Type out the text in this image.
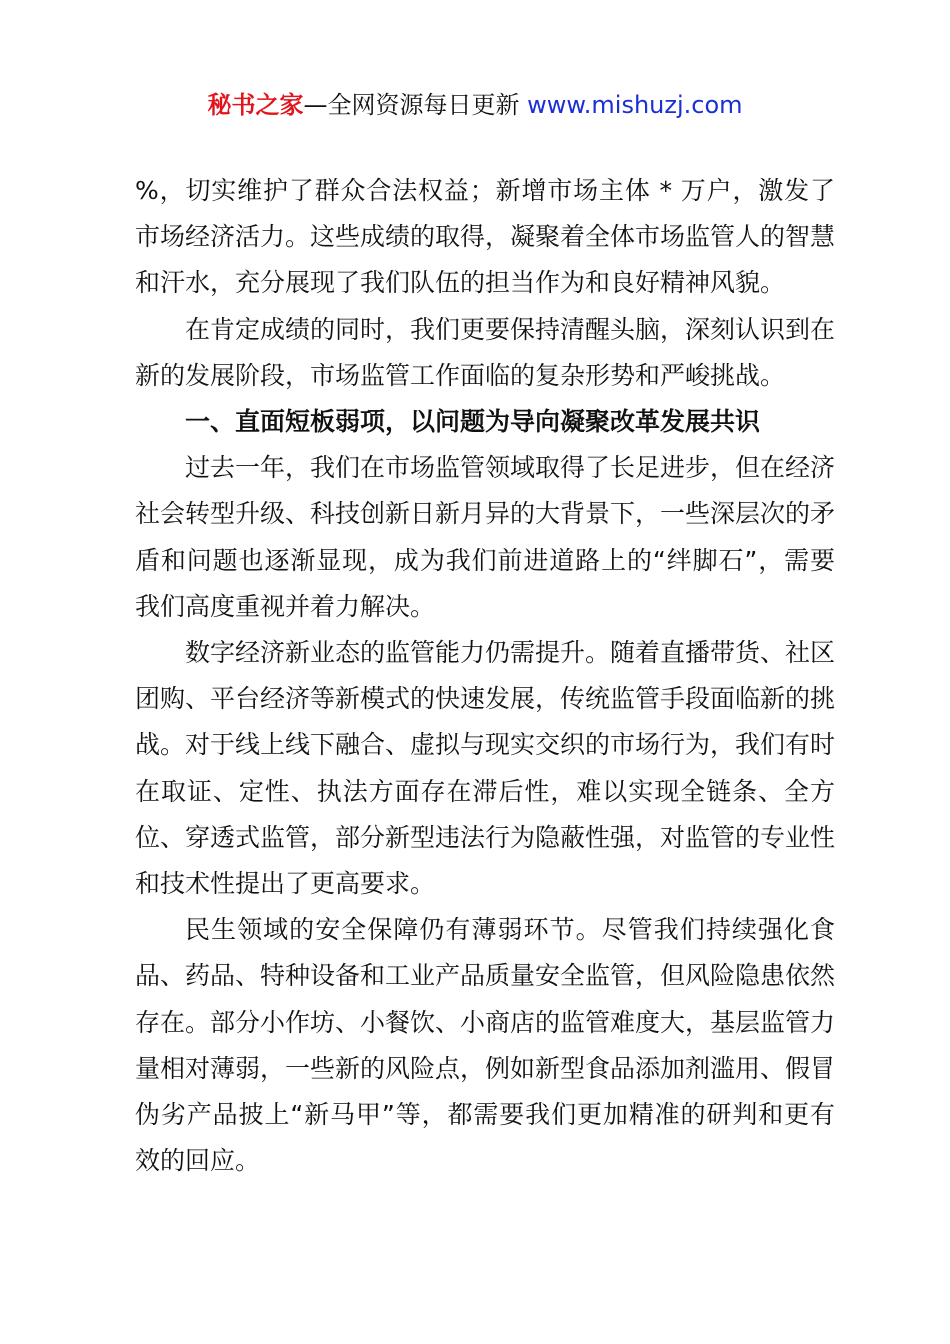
秘书之家—全网资源每日更新 www.mishuzj.com

%，切实维护了群众合法权益；新增市场主体 * 万户，激发了市场经济活力。这些成绩的取得，凝聚着全体市场监管人的智慧和汗水，充分展现了我们队伍的担当作为和良好精神风貌。

在肯定成绩的同时，我们更要保持清醒头脑，深刻认识到在新的发展阶段，市场监管工作面临的复杂形势和严峻挑战。

一、直面短板弱项，以问题为导向凝聚改革发展共识

过去一年，我们在市场监管领域取得了长足进步，但在经济社会转型升级、科技创新日新月异的大背景下，一些深层次的矛盾和问题也逐渐显现，成为我们前进道路上的“绊脚石”，需要我们高度重视并着力解决。

数字经济新业态的监管能力仍需提升。随着直播带货、社区团购、平台经济等新模式的快速发展，传统监管手段面临新的挑战。对于线上线下融合、虚拟与现实交织的市场行为，我们有时在取证、定性、执法方面存在滞后性，难以实现全链条、全方位、穿透式监管，部分新型违法行为隐蔽性强，对监管的专业性和技术性提出了更高要求。

民生领域的安全保障仍有薄弱环节。尽管我们持续强化食品、药品、特种设备和工业产品质量安全监管，但风险隐患依然存在。部分小作坊、小餐饮、小商店的监管难度大，基层监管力量相对薄弱，一些新的风险点，例如新型食品添加剂滥用、假冒伪劣产品披上“新马甲”等，都需要我们更加精准的研判和更有效的回应。
